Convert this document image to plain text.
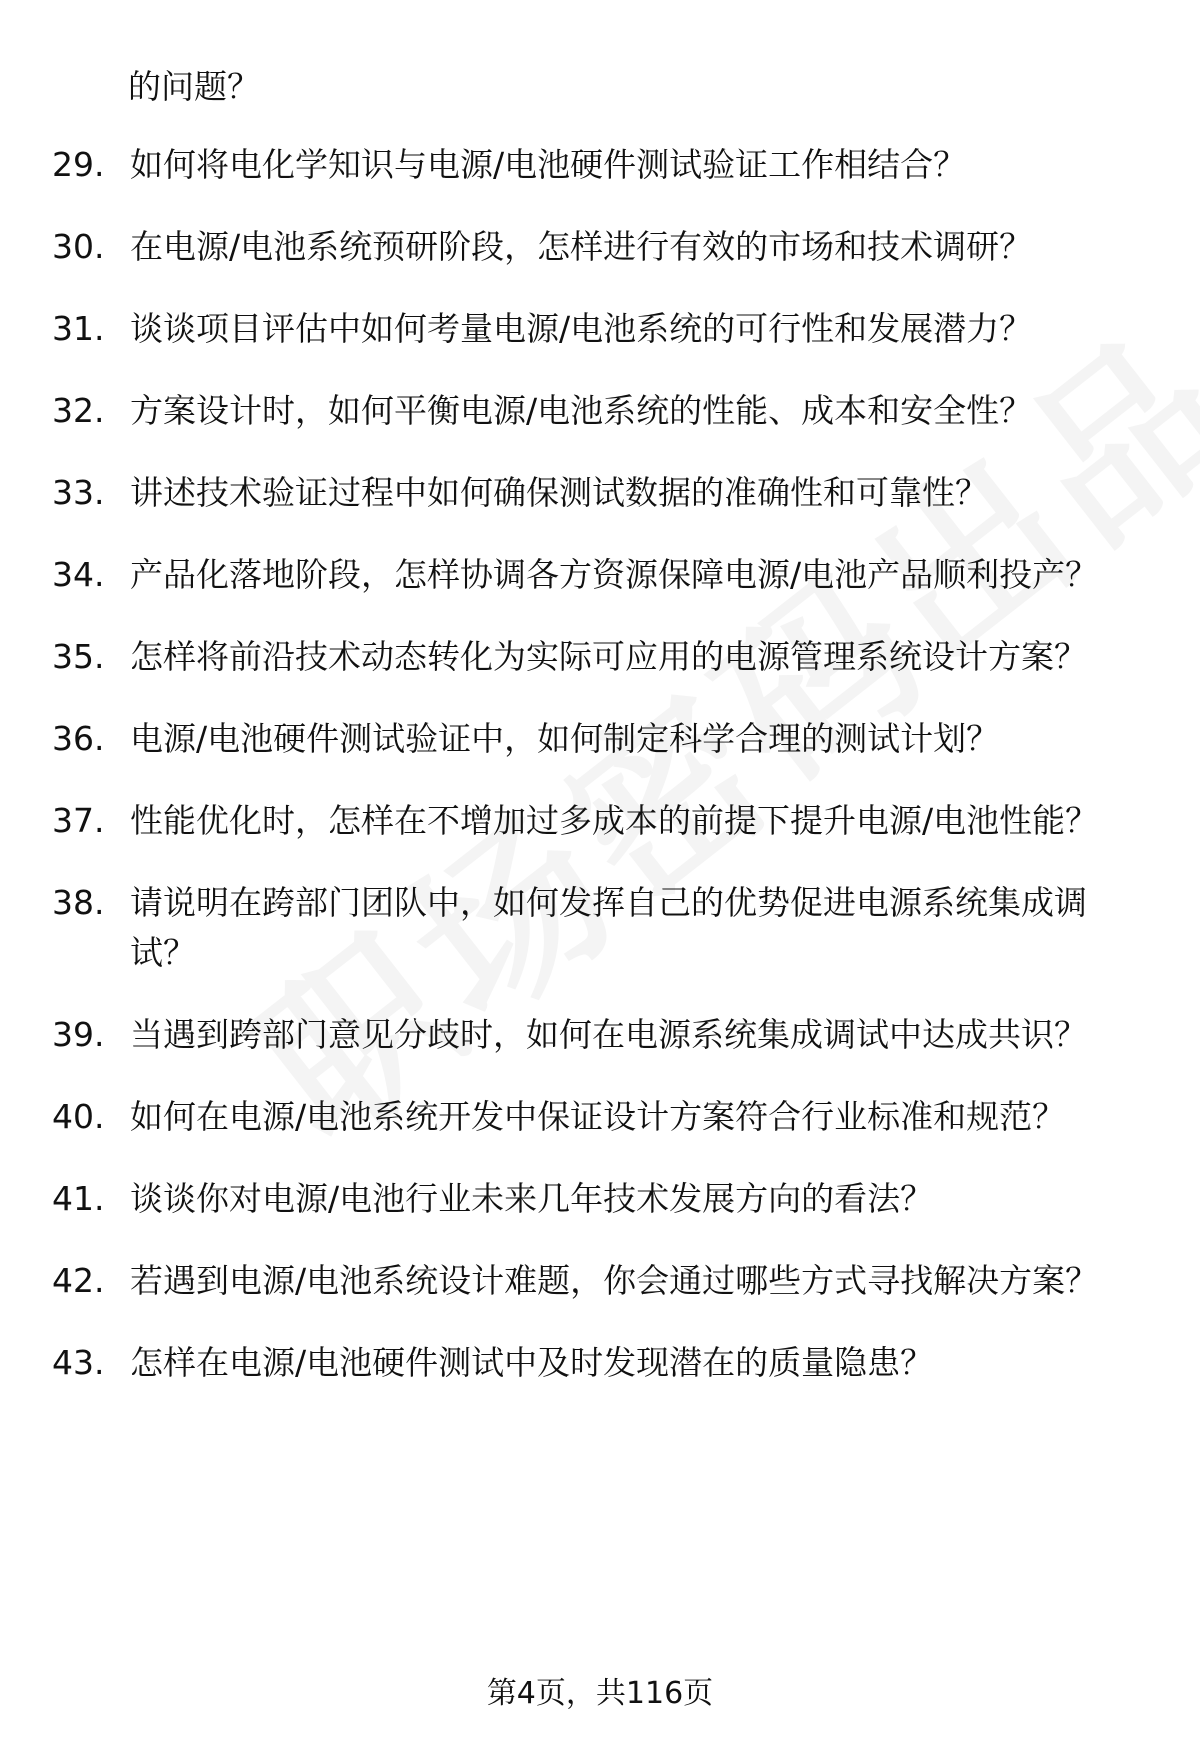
的问题？
29. 如何将电化学知识与电源/电池硬件测试验证工作相结合？
30. 在电源/电池系统预研阶段，怎样进行有效的市场和技术调研？
31. 谈谈项目评估中如何考量电源/电池系统的可行性和发展潜力？
32. 方案设计时，如何平衡电源/电池系统的性能、成本和安全性？
33. 讲述技术验证过程中如何确保测试数据的准确性和可靠性？
34. 产品化落地阶段，怎样协调各方资源保障电源/电池产品顺利投产？
35. 怎样将前沿技术动态转化为实际可应用的电源管理系统设计方案？
36. 电源/电池硬件测试验证中，如何制定科学合理的测试计划？
37. 性能优化时，怎样在不增加过多成本的前提下提升电源/电池性能？
38. 请说明在跨部门团队中，如何发挥自己的优势促进电源系统集成调试？
39. 当遇到跨部门意见分歧时，如何在电源系统集成调试中达成共识？
40. 如何在电源/电池系统开发中保证设计方案符合行业标准和规范？
41. 谈谈你对电源/电池行业未来几年技术发展方向的看法？
42. 若遇到电源/电池系统设计难题，你会通过哪些方式寻找解决方案？
43. 怎样在电源/电池硬件测试中及时发现潜在的质量隐患？
第4页，共116页
